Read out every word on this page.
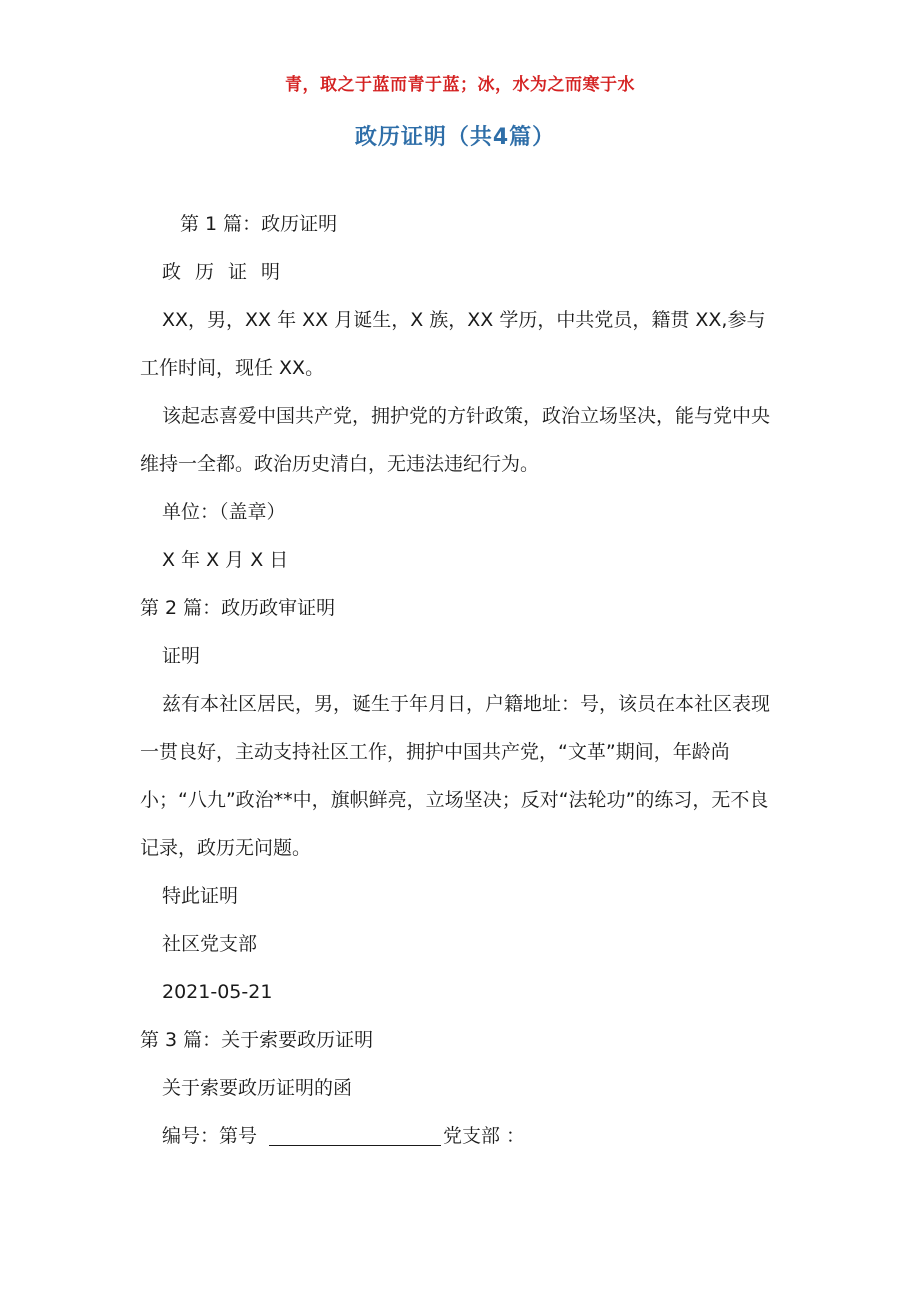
青，取之于蓝而青于蓝；冰，水为之而寒于水
政历证明（共4篇）

第 1 篇：政历证明

政历证明

XX，男，XX 年 XX 月诞生，X 族，XX 学历，中共党员，籍贯 XX,参与工作时间，现任 XX。

该起志喜爱中国共产党，拥护党的方针政策，政治立场坚决，能与党中央维持一全都。政治历史清白，无违法违纪行为。

单位：（盖章）

X 年 X 月 X 日

第 2 篇：政历政审证明

证明

兹有本社区居民，男，诞生于年月日，户籍地址：号，该员在本社区表现一贯良好，主动支持社区工作，拥护中国共产党，“文革”期间，年龄尚小；“八九”政治**中，旗帜鲜亮，立场坚决；反对“法轮功”的练习，无不良记录，政历无问题。

特此证明

社区党支部

2021-05-21

第 3 篇：关于索要政历证明

关于索要政历证明的函

编号：第号	党支部 ：
